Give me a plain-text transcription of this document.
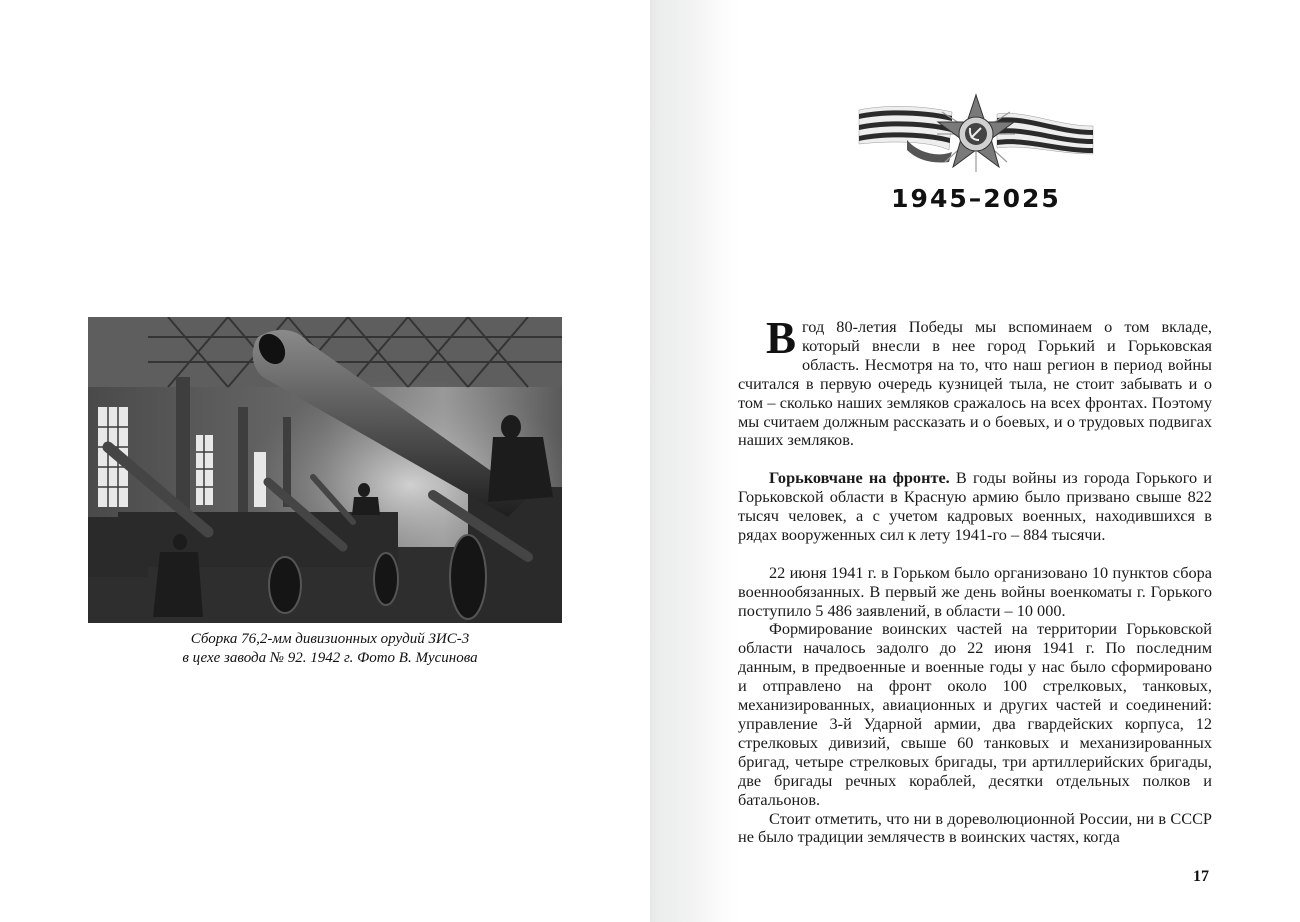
Сборка 76,2-мм дивизионных орудий ЗИС-3
в цехе завода № 92. 1942 г. Фото В. Мусинова
1945–2025

Вгод 80-летия Победы мы вспоминаем о том вкладе, который внесли в нее город Горький и Горьковская область. Несмотря на то, что наш регион в период войны считался в первую очередь кузницей тыла, не стоит забывать и о том – сколько наших земляков сражалось на всех фронтах. Поэтому мы считаем должным рассказать и о боевых, и о трудовых подвигах наших земляков.

Горьковчане на фронте. В годы войны из города Горького и Горьковской области в Красную армию было призвано свыше 822 тысяч человек, а с учетом кадровых военных, находившихся в рядах вооруженных сил к лету 1941-го – 884 тысячи.

22 июня 1941 г. в Горьком было организовано 10 пунктов сбора военнообязанных. В первый же день войны военкоматы г. Горького поступило 5 486 заявлений, в области – 10 000.

Формирование воинских частей на территории Горьковской области началось задолго до 22 июня 1941 г. По последним данным, в предвоенные и военные годы у нас было сформировано и отправлено на фронт около 100 стрелковых, танковых, механизированных, авиационных и других частей и соединений: управление 3-й Ударной армии, два гвардейских корпуса, 12 стрелковых дивизий, свыше 60 танковых и механизированных бригад, четыре стрелковых бригады, три артиллерийских бригады, две бригады речных кораблей, десятки отдельных полков и батальонов.

Стоит отметить, что ни в дореволюционной России, ни в СССР не было традиции землячеств в воинских частях, когда

17
